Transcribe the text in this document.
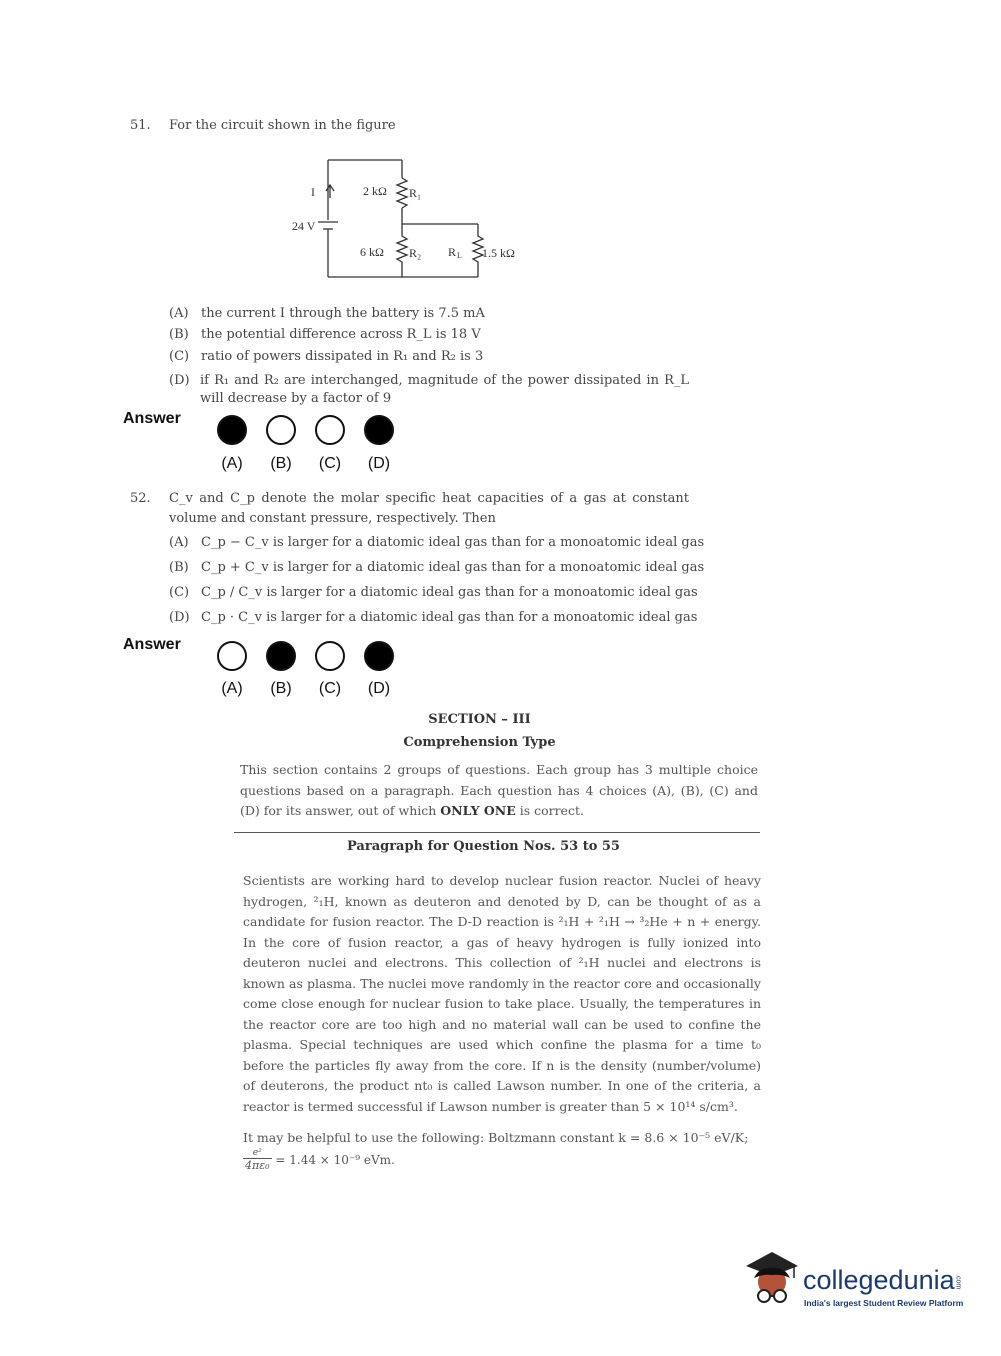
51. For the circuit shown in the figure
I
24 V
2 kΩ R₁
6 kΩ R₂ R L 1.5 kΩ
(A) the current I through the battery is 7.5 mA
(B) the potential difference across R_L is 18 V
(C) ratio of powers dissipated in R₁ and R₂ is 3
(D) if R₁ and R₂ are interchanged, magnitude of the power dissipated in R_L will decrease by a factor of 9
Answer
(A)	(B)	(C)	(D)
52. C_v and C_p denote the molar specific heat capacities of a gas at constant volume and constant pressure, respectively. Then
(A) C_p − C_v is larger for a diatomic ideal gas than for a monoatomic ideal gas
(B) C_p + C_v is larger for a diatomic ideal gas than for a monoatomic ideal gas
(C) C_p / C_v is larger for a diatomic ideal gas than for a monoatomic ideal gas
(D) C_p · C_v is larger for a diatomic ideal gas than for a monoatomic ideal gas
Answer
(A)	(B)	(C)	(D)
SECTION – III
Comprehension Type
This section contains 2 groups of questions. Each group has 3 multiple choice questions based on a paragraph. Each question has 4 choices (A), (B), (C) and (D) for its answer, out of which ONLY ONE is correct.
Paragraph for Question Nos. 53 to 55
Scientists are working hard to develop nuclear fusion reactor. Nuclei of heavy hydrogen, ²₁H, known as deuteron and denoted by D, can be thought of as a candidate for fusion reactor. The D-D reaction is ²₁H + ²₁H → ³₂He + n + energy. In the core of fusion reactor, a gas of heavy hydrogen is fully ionized into deuteron nuclei and electrons. This collection of ²₁H nuclei and electrons is known as plasma. The nuclei move randomly in the reactor core and occasionally come close enough for nuclear fusion to take place. Usually, the temperatures in the reactor core are too high and no material wall can be used to confine the plasma. Special techniques are used which confine the plasma for a time t₀ before the particles fly away from the core. If n is the density (number/volume) of deuterons, the product nt₀ is called Lawson number. In one of the criteria, a reactor is termed successful if Lawson number is greater than 5 × 10¹⁴ s/cm³.
It may be helpful to use the following: Boltzmann constant k = 8.6 × 10⁻⁵ eV/K;
e²
4πε₀ = 1.44 × 10⁻⁹ eVm.
collegedunia.com
India's largest Student Review Platform
